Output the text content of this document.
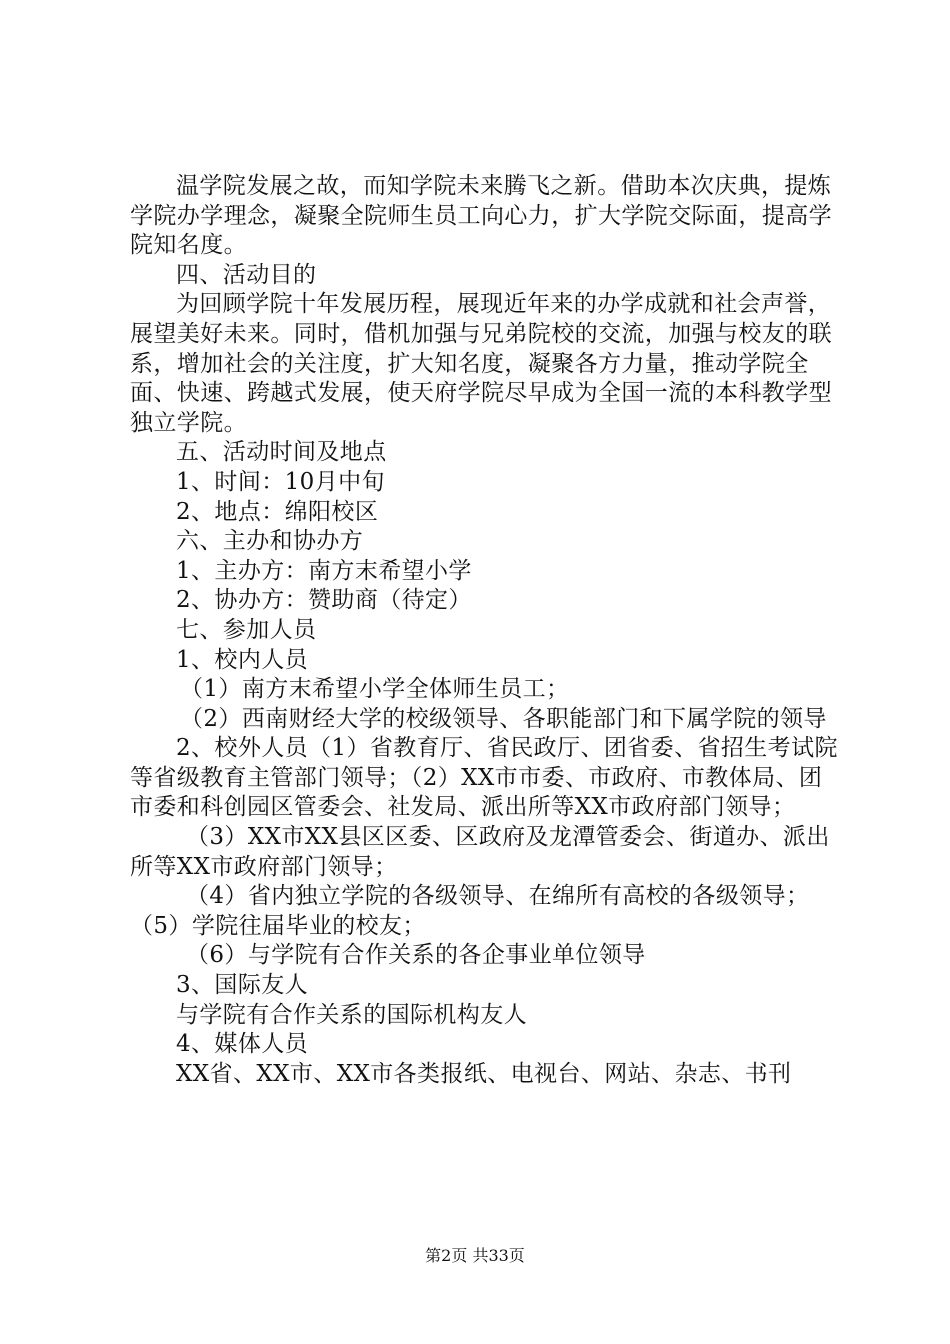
温学院发展之故，而知学院未来腾飞之新。借助本次庆典，提炼学院办学理念，凝聚全院师生员工向心力，扩大学院交际面，提高学院知名度。

四、活动目的

为回顾学院十年发展历程，展现近年来的办学成就和社会声誉，展望美好未来。同时，借机加强与兄弟院校的交流，加强与校友的联系，增加社会的关注度，扩大知名度，凝聚各方力量，推动学院全面、快速、跨越式发展，使天府学院尽早成为全国一流的本科教学型独立学院。

五、活动时间及地点

1、时间：10月中旬

2、地点：绵阳校区

六、主办和协办方

1、主办方：南方末希望小学

2、协办方：赞助商（待定）

七、参加人员

1、校内人员

（1）南方末希望小学全体师生员工；

（2）西南财经大学的校级领导、各职能部门和下属学院的领导

2、校外人员（1）省教育厅、省民政厅、团省委、省招生考试院等省级教育主管部门领导；（2）XX市市委、市政府、市教体局、团市委和科创园区管委会、社发局、派出所等XX市政府部门领导；

（3）XX市XX县区区委、区政府及龙潭管委会、街道办、派出所等XX市政府部门领导；

（4）省内独立学院的各级领导、在绵所有高校的各级领导；（5）学院往届毕业的校友；

（6）与学院有合作关系的各企事业单位领导

3、国际友人

与学院有合作关系的国际机构友人

4、媒体人员

XX省、XX市、XX市各类报纸、电视台、网站、杂志、书刊

第2页 共33页
